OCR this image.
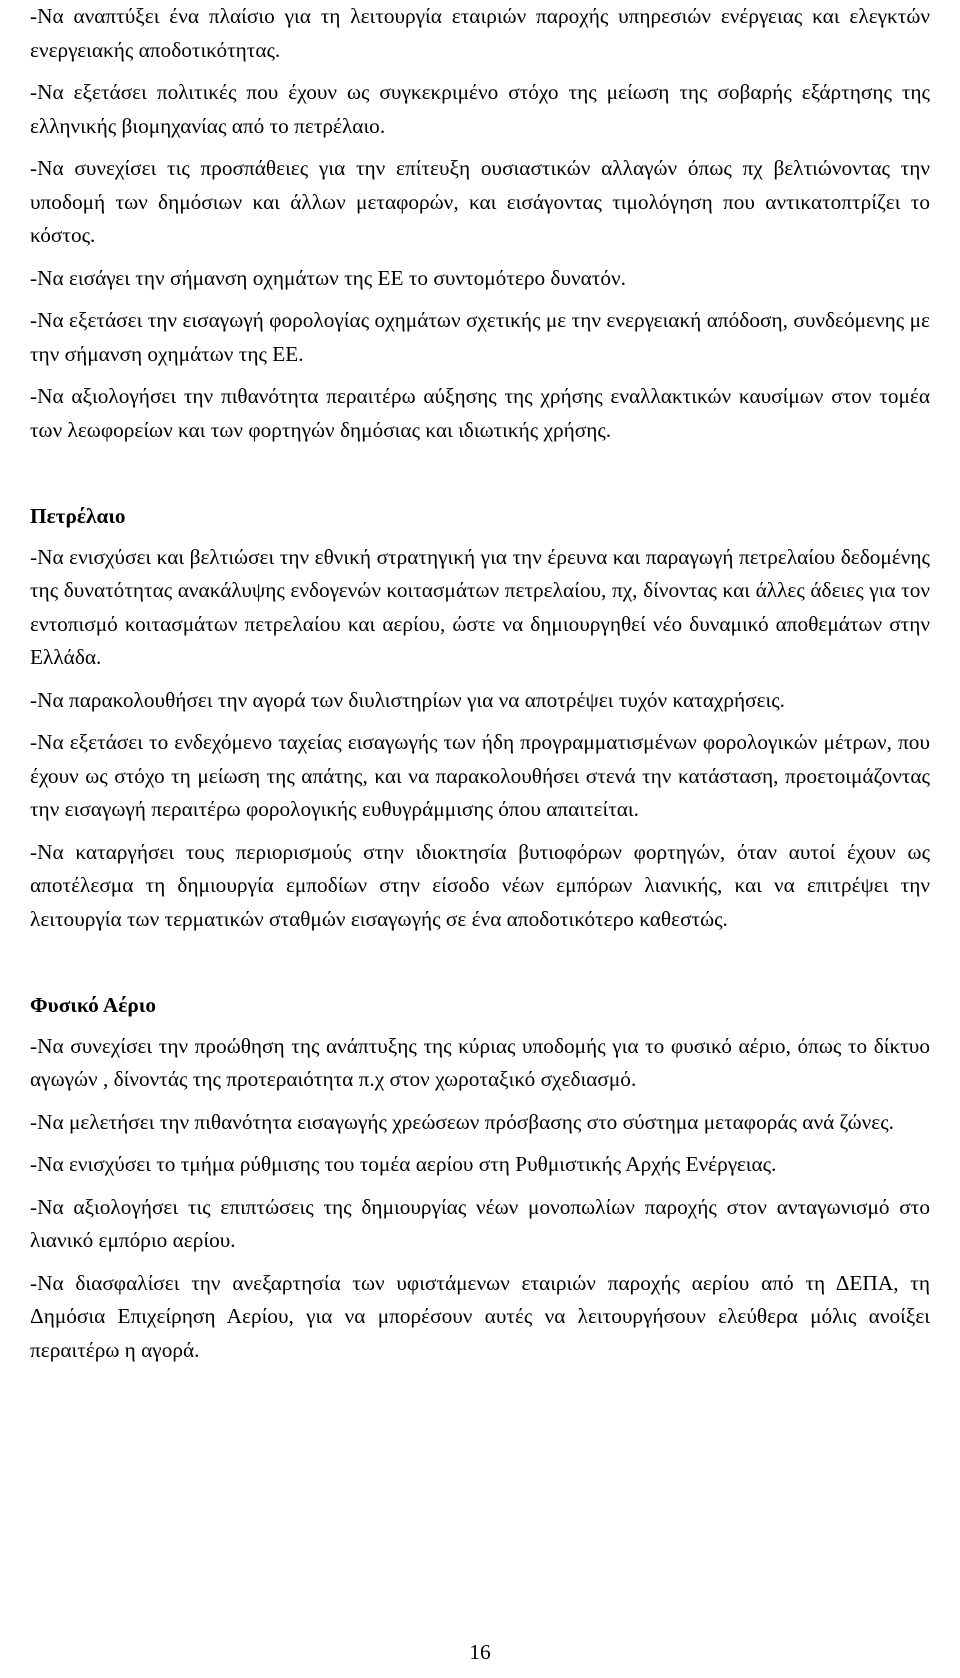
-Να αναπτύξει ένα πλαίσιο για τη λειτουργία εταιριών παροχής υπηρεσιών ενέργειας και ελεγκτών ενεργειακής αποδοτικότητας.

-Να εξετάσει πολιτικές που έχουν ως συγκεκριμένο στόχο της μείωση της σοβαρής εξάρτησης της ελληνικής βιομηχανίας από το πετρέλαιο.

-Να συνεχίσει τις προσπάθειες για την επίτευξη ουσιαστικών αλλαγών όπως πχ βελτιώνοντας την υποδομή των δημόσιων και άλλων μεταφορών, και εισάγοντας τιμολόγηση που αντικατοπτρίζει το κόστος.

-Να εισάγει την σήμανση οχημάτων της ΕΕ το συντομότερο δυνατόν.

-Να εξετάσει την εισαγωγή φορολογίας οχημάτων σχετικής με την ενεργειακή απόδοση, συνδεόμενης με την σήμανση οχημάτων της ΕΕ.

-Να αξιολογήσει την πιθανότητα περαιτέρω αύξησης της χρήσης εναλλακτικών καυσίμων στον τομέα των λεωφορείων και των φορτηγών δημόσιας και ιδιωτικής χρήσης.

Πετρέλαιο

-Να ενισχύσει και βελτιώσει την εθνική στρατηγική για την έρευνα και παραγωγή πετρελαίου δεδομένης της δυνατότητας ανακάλυψης ενδογενών κοιτασμάτων πετρελαίου, πχ, δίνοντας και άλλες άδειες για τον εντοπισμό κοιτασμάτων πετρελαίου και αερίου, ώστε να δημιουργηθεί νέο δυναμικό αποθεμάτων στην Ελλάδα.

-Να παρακολουθήσει την αγορά των διυλιστηρίων για να αποτρέψει τυχόν καταχρήσεις.

-Να εξετάσει το ενδεχόμενο ταχείας εισαγωγής των ήδη προγραμματισμένων φορολογικών μέτρων, που έχουν ως στόχο τη μείωση της απάτης, και να παρακολουθήσει στενά την κατάσταση, προετοιμάζοντας την εισαγωγή περαιτέρω φορολογικής ευθυγράμμισης όπου απαιτείται.

-Να καταργήσει τους περιορισμούς στην ιδιοκτησία βυτιοφόρων φορτηγών, όταν αυτοί έχουν ως αποτέλεσμα τη δημιουργία εμποδίων στην είσοδο νέων εμπόρων λιανικής, και να επιτρέψει την λειτουργία των τερματικών σταθμών εισαγωγής σε ένα αποδοτικότερο καθεστώς.

Φυσικό Αέριο

-Να συνεχίσει την προώθηση της ανάπτυξης της κύριας υποδομής για το φυσικό αέριο, όπως το δίκτυο αγωγών , δίνοντάς της προτεραιότητα π.χ στον χωροταξικό σχεδιασμό.

-Να μελετήσει την πιθανότητα εισαγωγής χρεώσεων πρόσβασης στο σύστημα μεταφοράς ανά ζώνες.

-Να ενισχύσει το τμήμα ρύθμισης του τομέα αερίου στη Ρυθμιστικής Αρχής Ενέργειας.

-Να αξιολογήσει τις επιπτώσεις της δημιουργίας νέων μονοπωλίων παροχής στον ανταγωνισμό στο λιανικό εμπόριο αερίου.

-Να διασφαλίσει την ανεξαρτησία των υφιστάμενων εταιριών παροχής αερίου από τη ΔΕΠΑ, τη Δημόσια Επιχείρηση Αερίου, για να μπορέσουν αυτές να λειτουργήσουν ελεύθερα μόλις ανοίξει περαιτέρω η αγορά.

16
